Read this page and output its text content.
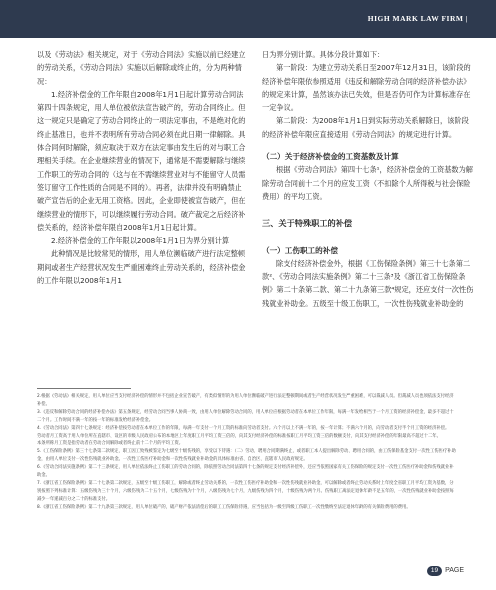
HIGH MARK LAW FIRM |

以及《劳动法》相关规定，对于《劳动合同法》实施以前已经建立的劳动关系，《劳动合同法》实施以后解除或终止的，分为两种情况：

1.经济补偿金的工作年限自2008年1月1日起计算劳动合同法第四十四条规定，用人单位被依法宣告破产的，劳动合同终止。但这一规定只是确定了劳动合同终止的一项法定事由，不是绝对化的终止基准日，也并不表明所有劳动合同必须在此日期一律解除。具体合同何时解除，须应取决于双方在法定事由发生后的对与职工合理相关手续。在企业继续营业的情况下，通常是不需要解除与继续工作职工的劳动合同的（这与在不需继续营业对与不能留守人员需签订留守工作性质的合同是不同的）。再者，法律并没有明确禁止破产宣告后的企业无用工资格。因此，企业即使被宣告破产，但在继续营业的情形下，可以继续履行劳动合同。破产裁定之后经济补偿关系的，经济补偿年限自2008年1月1日起计算。

2.经济补偿金的工作年限以2008年1月1日为界分别计算

此种情况是比较常见的情形，用人单位濒临破产进行法定整顿期间或者生产经营状况发生严重困难终止劳动关系的，经济补偿金的工作年限以2008年1月1

日为界分别计算。具体分段计算如下：

第一阶段：为建立劳动关系日至2007年12月31日，该阶段的经济补偿年限依参照适用《违反和解除劳动合同的经济补偿办法》的规定来计算，虽然该办法已失效，但是否仍可作为计算标准存在一定争议。

第二阶段：为2008年1月1日到实际劳动关系解除日，该阶段的经济补偿年限应直接适用《劳动合同法》的规定进行计算。

（二）关于经济补偿金的工资基数及计算

根据《劳动合同法》第四十七条¹，经济补偿金的工资基数为解除劳动合同前十二个月的应发工资（不扣除个人所得税与社会保险费用）的平均工资。

三、关于特殊职工的补偿

（一）工伤职工的补偿

除支付经济补偿金外，根据《工伤保险条例》第三十七条第二款²、《劳动合同法实施条例》第二十三条³及《浙江省工伤保险条例》第二十条第二款、第二十九条第三款⁴规定，还应支付一次性伤残就业补助金。五级至十级工伤职工，一次性伤残就业补助金的

2.根据《劳动法》相关规定，用人单位应当支付经济补偿的情形并不包括企业宣告破产，有类似情形的为用人单位濒临破产进行法定整顿期间或者生产经营状况发生严重困难，可以裁减人员。但裁减人员也须依法支付经济补偿。

3.《违反和解除劳动合同的经济补偿办法》第五条规定，经劳动合同当事人协商一致，由用人单位解除劳动合同的，用人单位应根据劳动者在本单位工作年限，每满一年发给相当于一个月工资的经济补偿金，最多不超过十二个月。工作时间不满一年的按一年的标准发给经济补偿金。

4.《劳动合同法》第四十七条规定：经济补偿按劳动者在本单位工作的年限，每满一年支付一个月工资的标准向劳动者支付。六个月以上不满一年的，按一年计算；不满六个月的，向劳动者支付半个月工资的经济补偿。

劳动者月工资高于用人单位所在直辖市、设区的市级人民政府公布的本地区上年度职工月平均工资三倍的，向其支付经济补偿的标准按职工月平均工资三倍的数额支付，向其支付经济补偿的年限最高不超过十二年。

本条所称月工资是指劳动者在劳动合同解除或者终止前十二个月的平均工资。

5.《工伤保险条例》第三十七条第二款规定，职工因工致残被鉴定为七级至十级伤残的，享受以下待遇：（二）劳动、聘用合同期满终止，或者职工本人提出解除劳动、聘用合同的，由工伤保险基金支付一次性工伤医疗补助金，由用人单位支付一次性伤残就业补助金。一次性工伤医疗补助金和一次性伤残就业补助金的具体标准由省、自治区、直辖市人民政府规定。

6.《劳动合同法实施条例》第二十三条规定，用人单位依法终止工伤职工的劳动合同的，除依照劳动合同法第四十七条的规定支付经济补偿外，还应当依照国家有关工伤保险的规定支付一次性工伤医疗补助金和伤残就业补助金。

7.《浙江省工伤保险条例》第二十七条第二款规定，五级至十级工伤职工，解除或者终止劳动关系的，一次性工伤医疗补助金和一次性伤残就业补助金，可以解除或者终止劳动关系时上年度全省职工月平均工资为基数，分别按照下列标准计算：五级伤残为三十个月，六级伤残为二十五个月，七级伤残为十个月，八级伤残为七个月，九级伤残为四个月，十级伤残为两个月。伤残职工离法定退休年龄不足五年的，一次性伤残就业补助金按照每减少一年递减百分之二十的标准支付。

8.《浙江省工伤保险条例》第二十九条第三款规定，用人单位破产的，破产财产依法清偿后的职工工伤保险待遇，应当包括为一级至四级工伤职工一次性缴纳至法定退休年龄的有关保险费用的费用。

19 PAGE
